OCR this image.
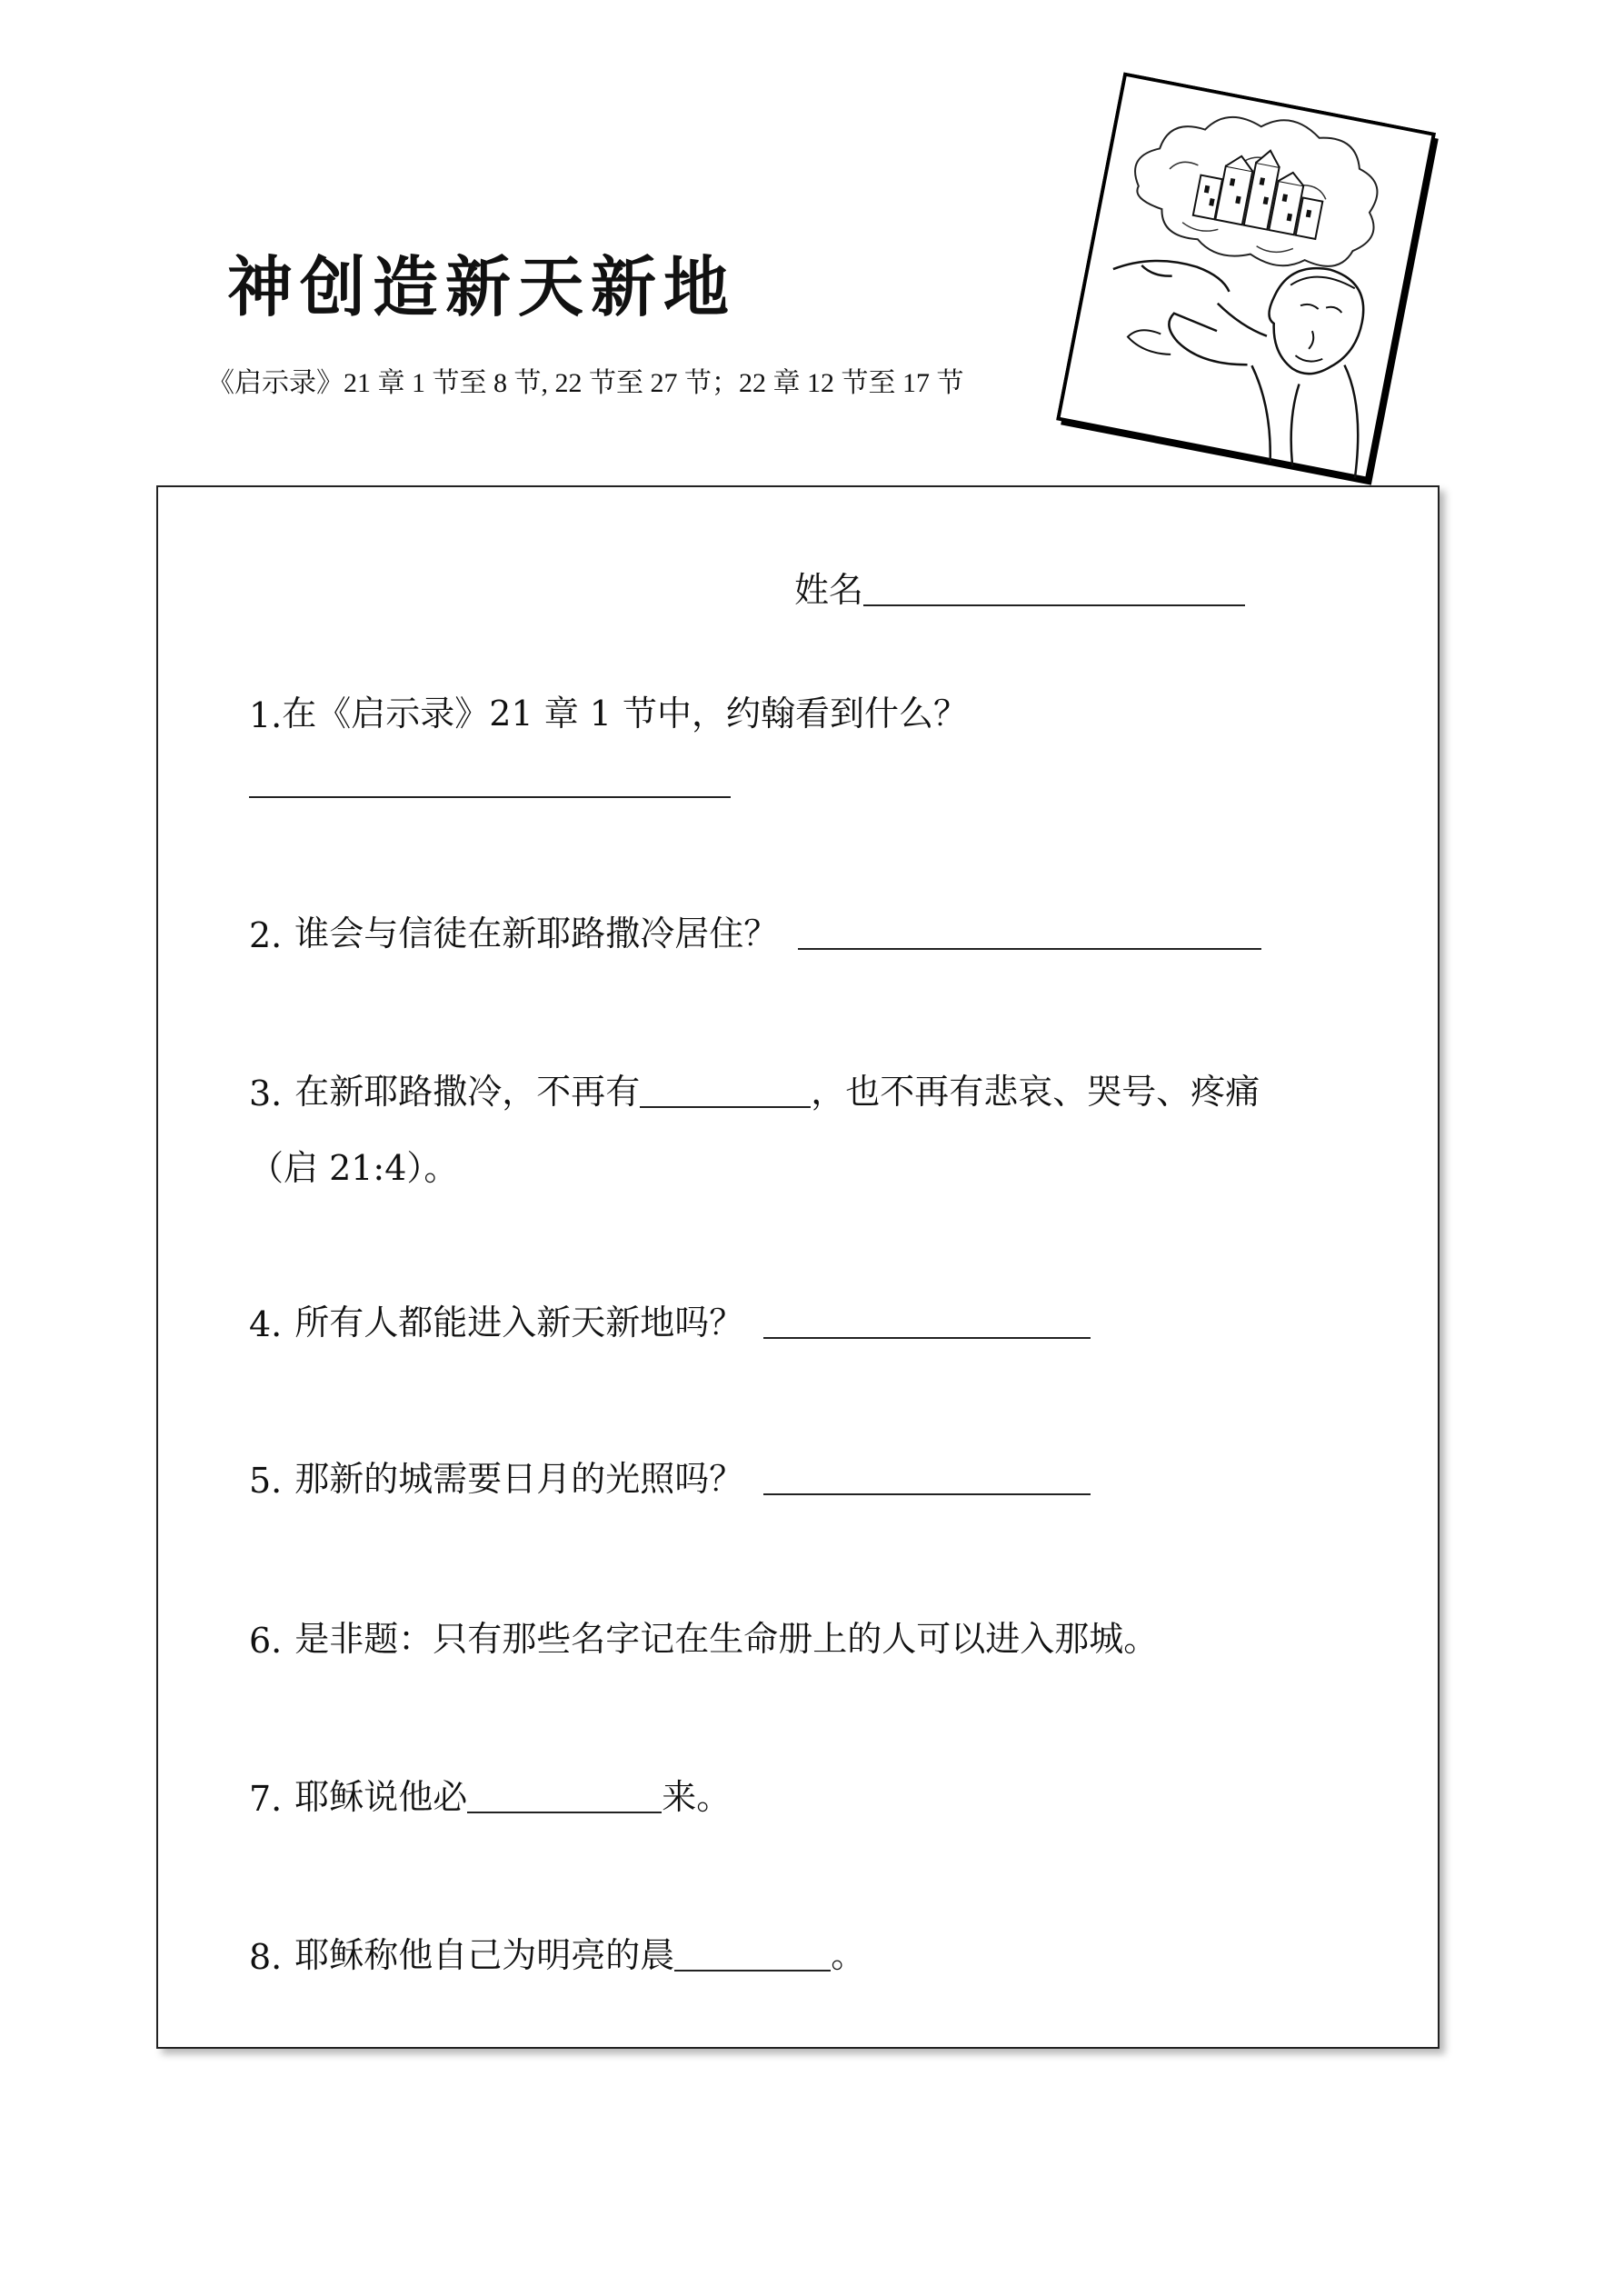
神创造新天新地
《启示录》21 章 1 节至 8 节, 22 节至 27 节；22 章 12 节至 17 节
姓名
1. 在《启示录》21 章 1 节中，约翰看到什么？
2. 谁会与信徒在新耶路撒冷居住？
3. 在新耶路撒冷，不再有	，也不再有悲哀、哭号、疼痛
（启 21:4）。
4. 所有人都能进入新天新地吗？
5. 那新的城需要日月的光照吗？
6. 是非题：只有那些名字记在生命册上的人可以进入那城。
7. 耶稣说他必	来。
8. 耶稣称他自己为明亮的晨	。
